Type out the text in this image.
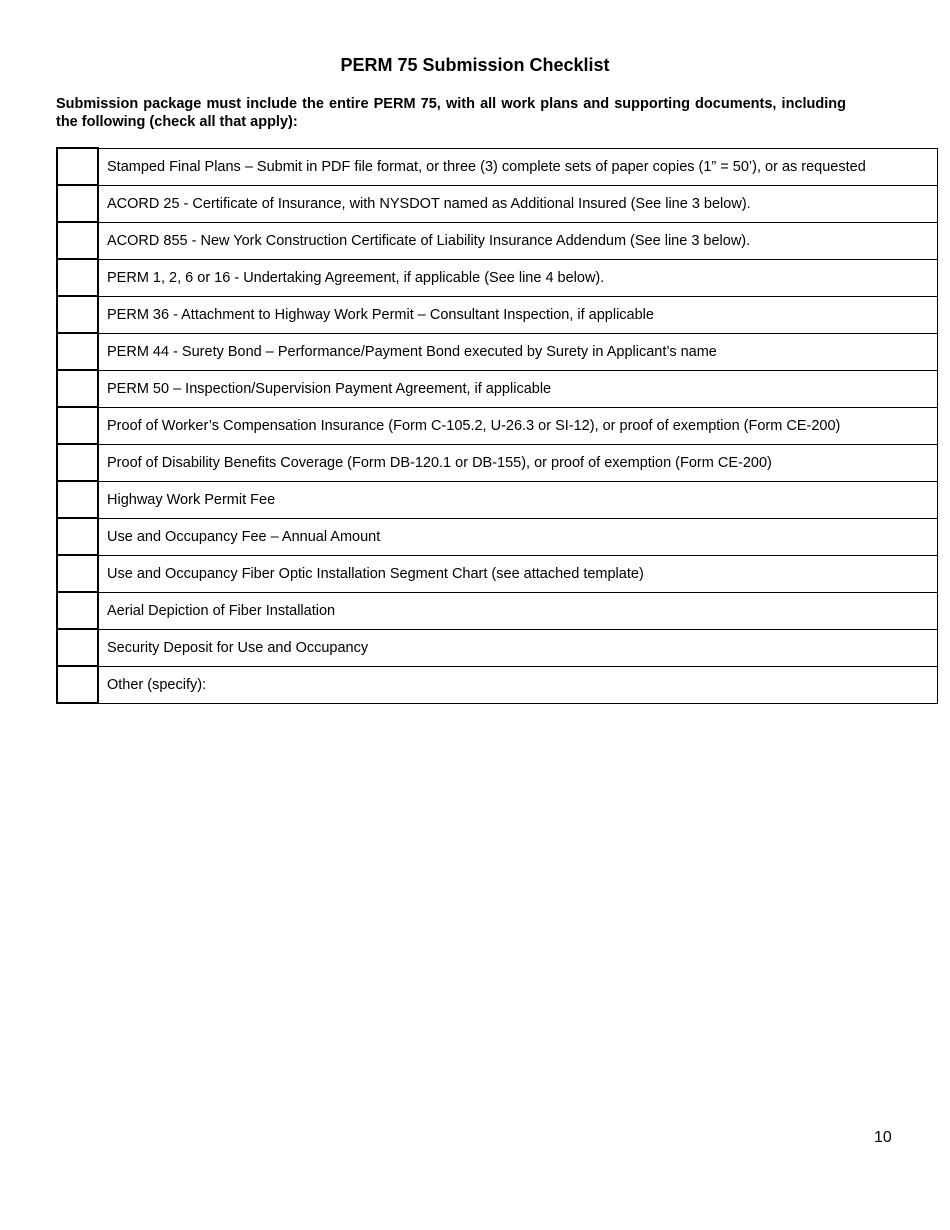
PERM 75 Submission Checklist
Submission package must include the entire PERM 75, with all work plans and supporting documents, including the following (check all that apply):
	Stamped Final Plans – Submit in PDF file format, or three (3) complete sets of paper copies (1” = 50’), or as requested
	ACORD 25 - Certificate of Insurance, with NYSDOT named as Additional Insured (See line 3 below).
	ACORD 855 - New York Construction Certificate of Liability Insurance Addendum (See line 3 below).
	PERM 1, 2, 6 or 16 - Undertaking Agreement, if applicable (See line 4 below).
	PERM 36 - Attachment to Highway Work Permit – Consultant Inspection, if applicable
	PERM 44 - Surety Bond – Performance/Payment Bond executed by Surety in Applicant’s name
	PERM 50 – Inspection/Supervision Payment Agreement, if applicable
	Proof of Worker’s Compensation Insurance (Form C-105.2, U-26.3 or SI-12), or proof of exemption (Form CE-200)
	Proof of Disability Benefits Coverage (Form DB-120.1 or DB-155), or proof of exemption (Form CE-200)
	Highway Work Permit Fee
	Use and Occupancy Fee – Annual Amount
	Use and Occupancy Fiber Optic Installation Segment Chart (see attached template)
	Aerial Depiction of Fiber Installation
	Security Deposit for Use and Occupancy
	Other (specify):
10
